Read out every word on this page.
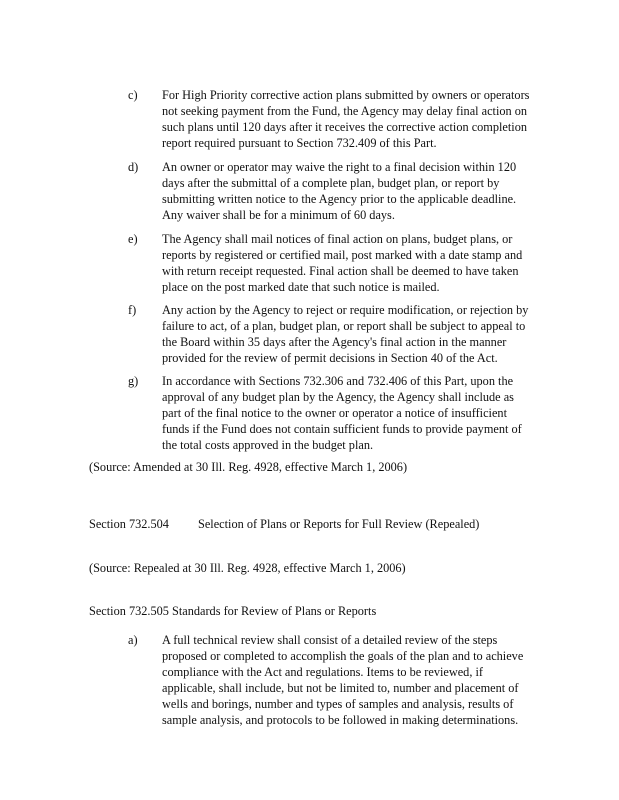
c) For High Priority corrective action plans submitted by owners or operators
not seeking payment from the Fund, the Agency may delay final action on
such plans until 120 days after it receives the corrective action completion
report required pursuant to Section 732.409 of this Part.
d) An owner or operator may waive the right to a final decision within 120
days after the submittal of a complete plan, budget plan, or report by
submitting written notice to the Agency prior to the applicable deadline.
Any waiver shall be for a minimum of 60 days.
e) The Agency shall mail notices of final action on plans, budget plans, or
reports by registered or certified mail, post marked with a date stamp and
with return receipt requested. Final action shall be deemed to have taken
place on the post marked date that such notice is mailed.
f) Any action by the Agency to reject or require modification, or rejection by
failure to act, of a plan, budget plan, or report shall be subject to appeal to
the Board within 35 days after the Agency's final action in the manner
provided for the review of permit decisions in Section 40 of the Act.
g) In accordance with Sections 732.306 and 732.406 of this Part, upon the
approval of any budget plan by the Agency, the Agency shall include as
part of the final notice to the owner or operator a notice of insufficient
funds if the Fund does not contain sufficient funds to provide payment of
the total costs approved in the budget plan.
(Source: Amended at 30 Ill. Reg. 4928, effective March 1, 2006)
Section 732.504 Selection of Plans or Reports for Full Review (Repealed)
(Source: Repealed at 30 Ill. Reg. 4928, effective March 1, 2006)
Section 732.505 Standards for Review of Plans or Reports
a) A full technical review shall consist of a detailed review of the steps
proposed or completed to accomplish the goals of the plan and to achieve
compliance with the Act and regulations. Items to be reviewed, if
applicable, shall include, but not be limited to, number and placement of
wells and borings, number and types of samples and analysis, results of
sample analysis, and protocols to be followed in making determinations.
